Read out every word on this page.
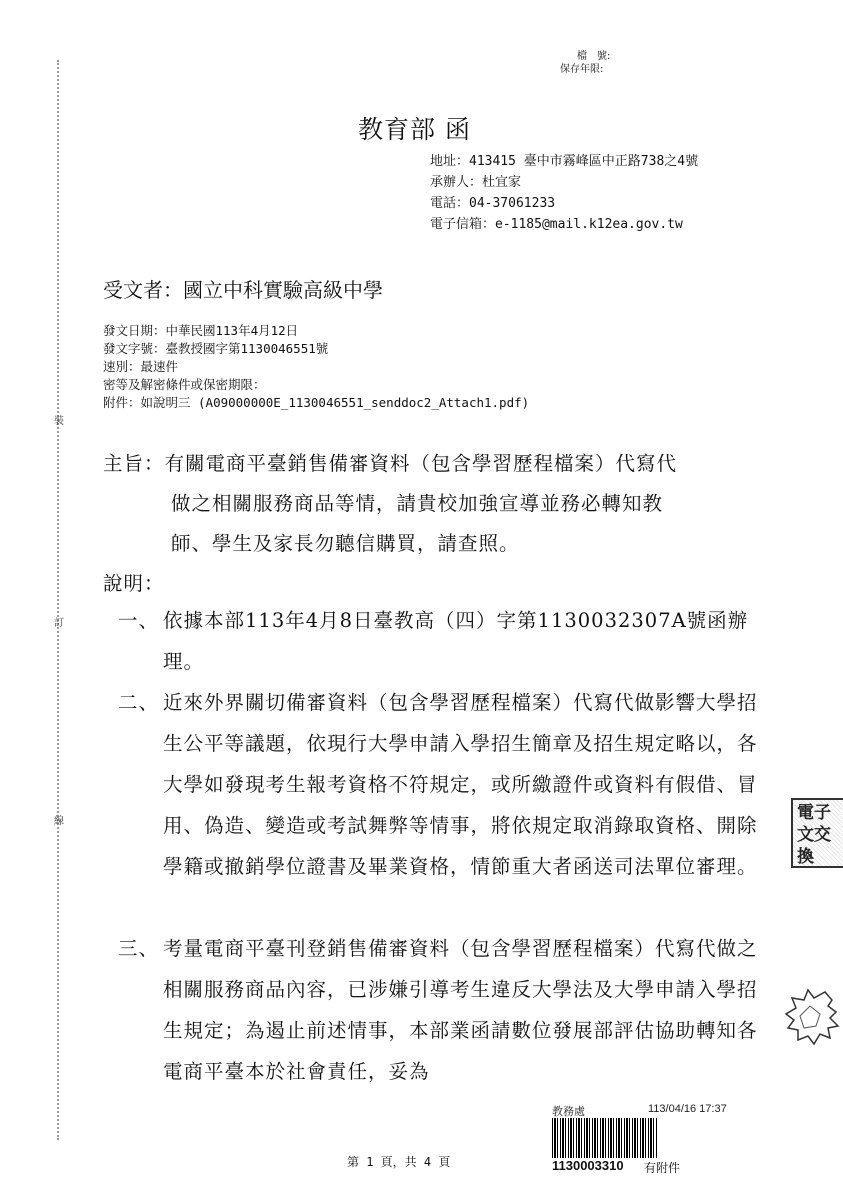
裝
訂
線
檔　號:
保存年限:
教育部 函
地址：413415 臺中市霧峰區中正路738之4號
承辦人：杜宜家
電話：04-37061233
電子信箱：e-1185@mail.k12ea.gov.tw
受文者：國立中科實驗高級中學
發文日期：中華民國113年4月12日
發文字號：臺教授國字第1130046551號
速別：最速件
密等及解密條件或保密期限：
附件：如說明三 (A09000000E_1130046551_senddoc2_Attach1.pdf)
主旨：有關電商平臺銷售備審資料（包含學習歷程檔案）代寫代
做之相關服務商品等情，請貴校加強宣導並務必轉知教
師、學生及家長勿聽信購買，請查照。
說明：
一、 依據本部113年4月8日臺教高（四）字第1130032307A號函辦理。
二、 近來外界關切備審資料（包含學習歷程檔案）代寫代做影響大學招生公平等議題，依現行大學申請入學招生簡章及招生規定略以，各大學如發現考生報考資格不符規定，或所繳證件或資料有假借、冒用、偽造、變造或考試舞弊等情事，將依規定取消錄取資格、開除學籍或撤銷學位證書及畢業資格，情節重大者函送司法單位審理。
三、 考量電商平臺刊登銷售備審資料（包含學習歷程檔案）代寫代做之相關服務商品內容，已涉嫌引導考生違反大學法及大學申請入學招生規定；為遏止前述情事，本部業函請數位發展部評估協助轉知各電商平臺本於社會責任，妥為
電子文交換
教務處	113/04/16 17:37
1130003310 有附件
第 1 頁，共 4 頁
